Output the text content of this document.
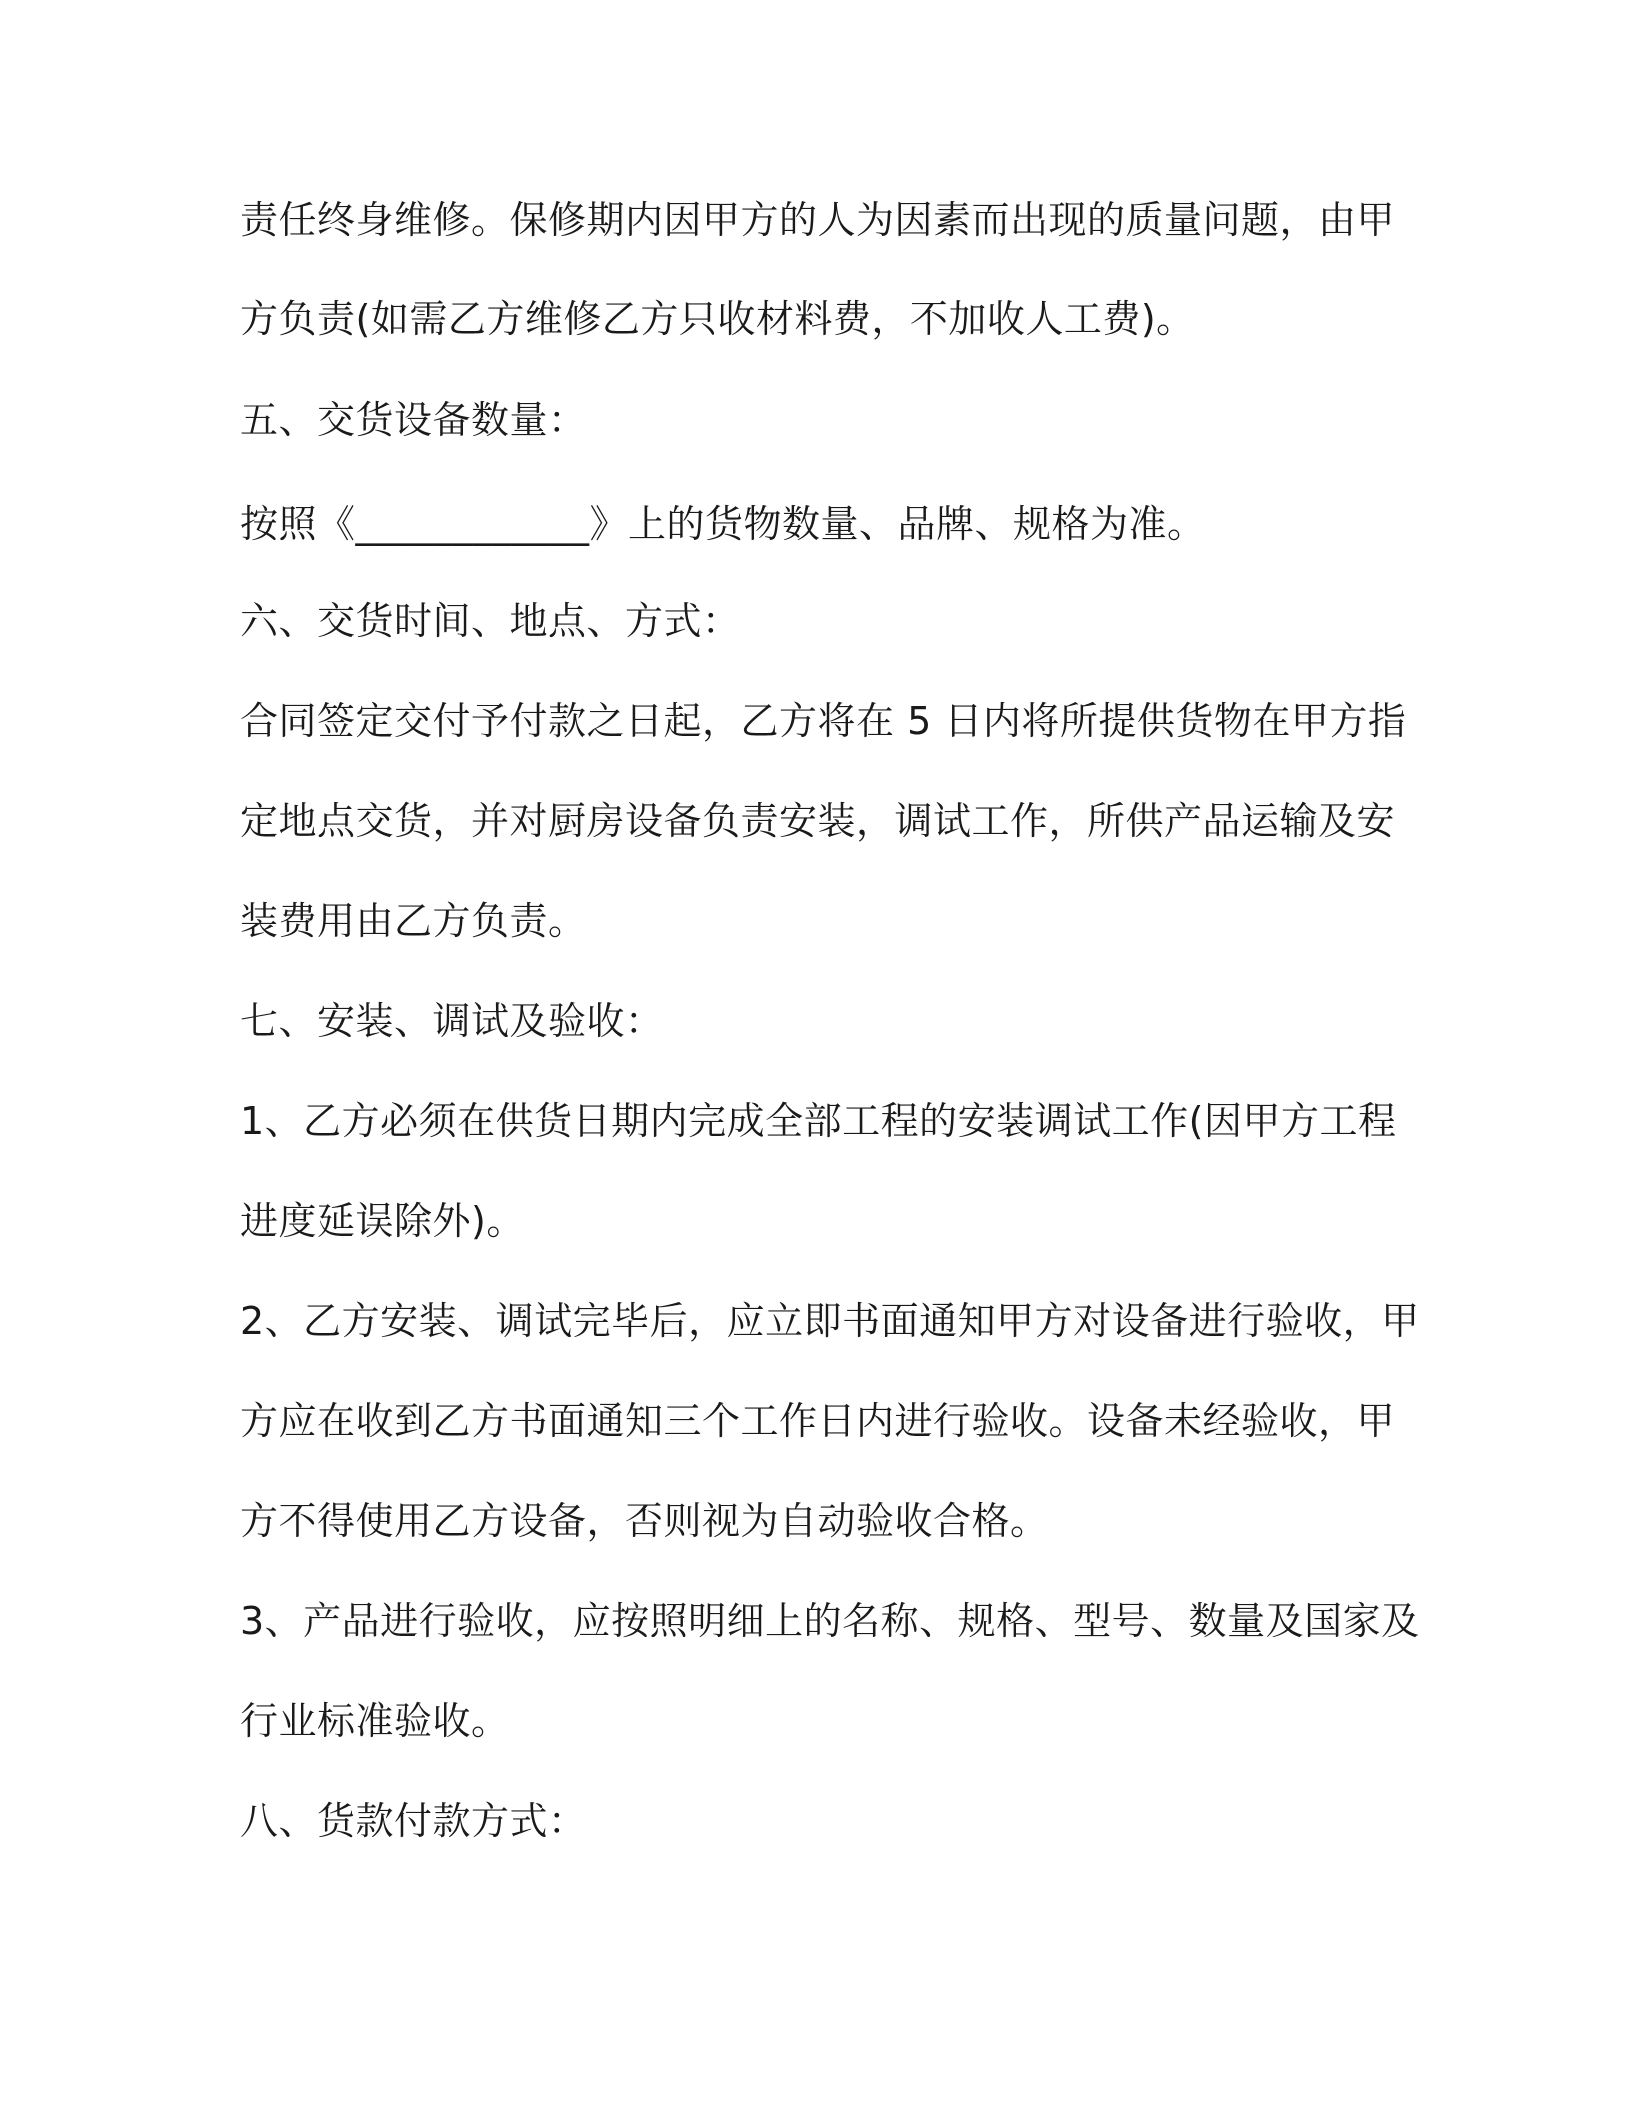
责任终身维修。保修期内因甲方的人为因素而出现的质量问题，由甲
方负责(如需乙方维修乙方只收材料费，不加收人工费)。
五、交货设备数量：
按照《____________》上的货物数量、品牌、规格为准。
六、交货时间、地点、方式：
合同签定交付予付款之日起，乙方将在 5 日内将所提供货物在甲方指
定地点交货，并对厨房设备负责安装，调试工作，所供产品运输及安
装费用由乙方负责。
七、安装、调试及验收：
1、乙方必须在供货日期内完成全部工程的安装调试工作(因甲方工程
进度延误除外)。
2、乙方安装、调试完毕后，应立即书面通知甲方对设备进行验收，甲
方应在收到乙方书面通知三个工作日内进行验收。设备未经验收，甲
方不得使用乙方设备，否则视为自动验收合格。
3、产品进行验收，应按照明细上的名称、规格、型号、数量及国家及
行业标准验收。
八、货款付款方式：
